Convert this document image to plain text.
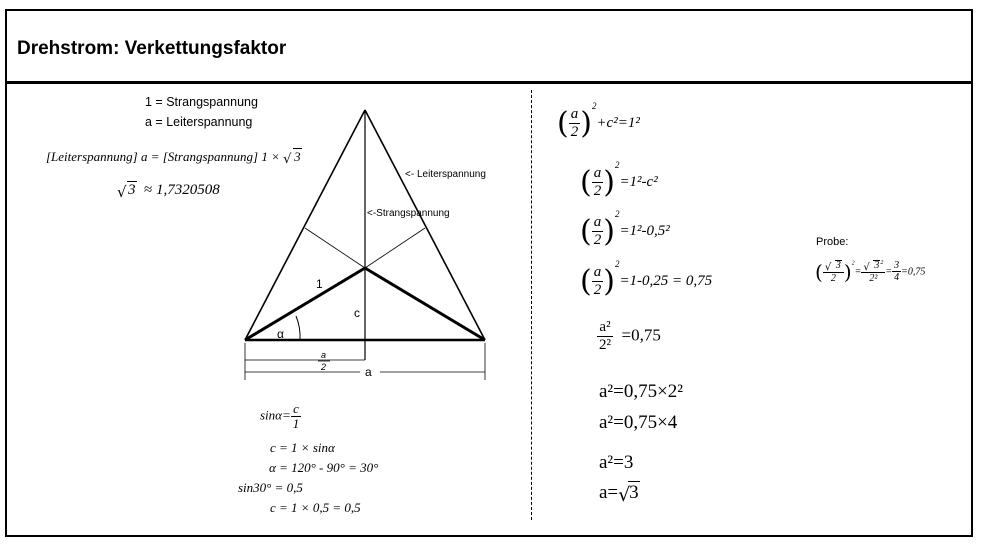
Drehstrom: Verkettungsfaktor
1 = Strangspannung
a = Leiterspannung
[Leiterspannung] a = [Strangspannung] 1 × √ 3
√ 3 ≈ 1,7320508
<- Leiterspannung
<-Strangspannung
1
c
α
a
2	a
$\sin\alpha= \frac{c}{1}$
c = 1 × sinα
α = 120° - 90° = 30°
sin30° = 0,5
c = 1 × 0,5 = 0,5
( $\frac{a}{2} )^2+c^2=1^2$
( $\frac{a}{2} )^2=1^2-c^2$
( $\frac{a}{2} )^2=1^2-0,5^2$
( $\frac{a}{2} )^2=1-0,25 = 0,75$
$\frac{\text{a²}}{\text{2²}} =0,75$
a²=0,75×2²
a²=0,75×4
a²=3
a= √
3
Probe:
( $\frac{√ 3}{2} )^2= \frac{√ 3^2}{\text{2²}} = \frac{3}{4} =0,75$
